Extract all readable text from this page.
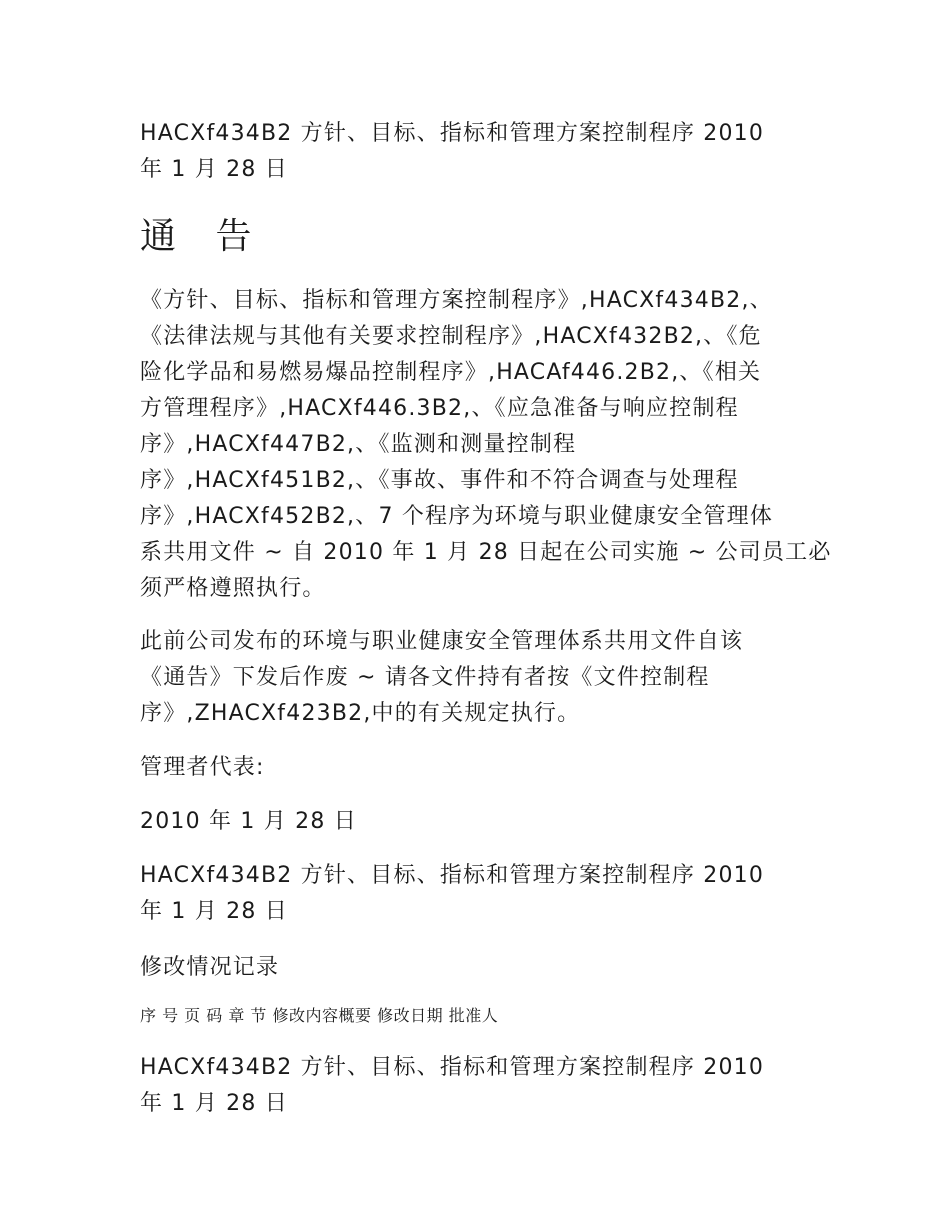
HACXf434B2 方针、目标、指标和管理方案控制程序 2010
年 1 月 28 日
通 告
《方针、目标、指标和管理方案控制程序》,HACXf434B2,、
《法律法规与其他有关要求控制程序》,HACXf432B2,、《危
险化学品和易燃易爆品控制程序》,HACAf446.2B2,、《相关
方管理程序》,HACXf446.3B2,、《应急准备与响应控制程
序》,HACXf447B2,、《监测和测量控制程
序》,HACXf451B2,、《事故、事件和不符合调查与处理程
序》,HACXf452B2,、7 个程序为环境与职业健康安全管理体
系共用文件 ~ 自 2010 年 1 月 28 日起在公司实施 ~ 公司员工必
须严格遵照执行。
此前公司发布的环境与职业健康安全管理体系共用文件自该
《通告》下发后作废 ~ 请各文件持有者按《文件控制程
序》,ZHACXf423B2,中的有关规定执行。
管理者代表:
2010 年 1 月 28 日
HACXf434B2 方针、目标、指标和管理方案控制程序 2010
年 1 月 28 日
修改情况记录
序 号 页 码 章 节 修改内容概要 修改日期 批准人
HACXf434B2 方针、目标、指标和管理方案控制程序 2010
年 1 月 28 日
